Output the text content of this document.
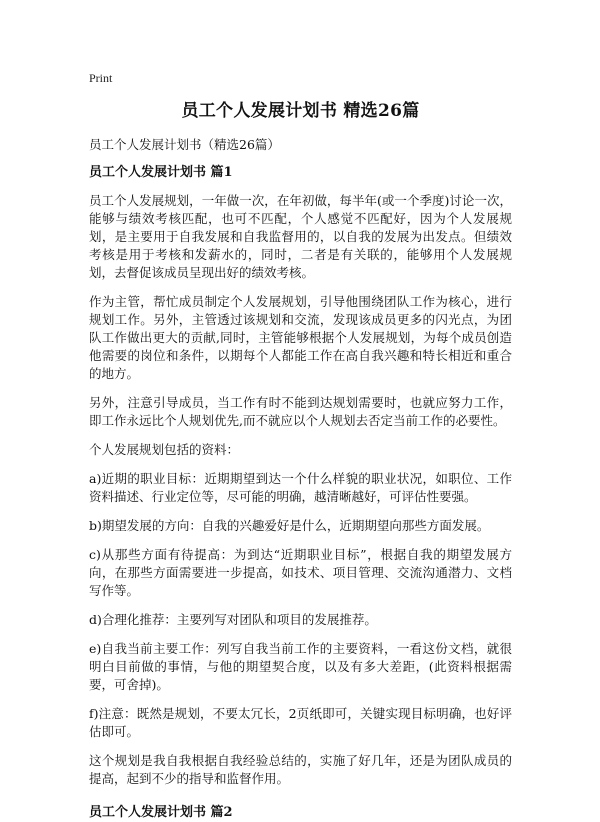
Print
员工个人发展计划书 精选26篇
员工个人发展计划书（精选26篇）
员工个人发展计划书 篇1

员工个人发展规划，一年做一次，在年初做，每半年(或一个季度)讨论一次，能够与绩效考核匹配，也可不匹配，个人感觉不匹配好，因为个人发展规划，是主要用于自我发展和自我监督用的，以自我的发展为出发点。但绩效考核是用于考核和发薪水的，同时，二者是有关联的，能够用个人发展规划，去督促该成员呈现出好的绩效考核。

作为主管，帮忙成员制定个人发展规划，引导他围绕团队工作为核心，进行规划工作。另外，主管透过该规划和交流，发现该成员更多的闪光点，为团队工作做出更大的贡献,同时，主管能够根据个人发展规划，为每个成员创造他需要的岗位和条件，以期每个人都能工作在高自我兴趣和特长相近和重合的地方。

另外，注意引导成员，当工作有时不能到达规划需要时，也就应努力工作，即工作永远比个人规划优先,而不就应以个人规划去否定当前工作的必要性。

个人发展规划包括的资料：

a)近期的职业目标：近期期望到达一个什么样貌的职业状况，如职位、工作资料描述、行业定位等，尽可能的明确，越清晰越好，可评估性要强。

b)期望发展的方向：自我的兴趣爱好是什么，近期期望向那些方面发展。

c)从那些方面有待提高：为到达“近期职业目标”，根据自我的期望发展方向，在那些方面需要进一步提高，如技术、项目管理、交流沟通潜力、文档写作等。

d)合理化推荐：主要列写对团队和项目的发展推荐。

e)自我当前主要工作：列写自我当前工作的主要资料，一看这份文档，就很明白目前做的事情，与他的期望契合度，以及有多大差距，(此资料根据需要，可舍掉)。

f)注意：既然是规划，不要太冗长，2页纸即可，关键实现目标明确，也好评估即可。

这个规划是我自我根据自我经验总结的，实施了好几年，还是为团队成员的提高，起到不少的指导和监督作用。

员工个人发展计划书 篇2
